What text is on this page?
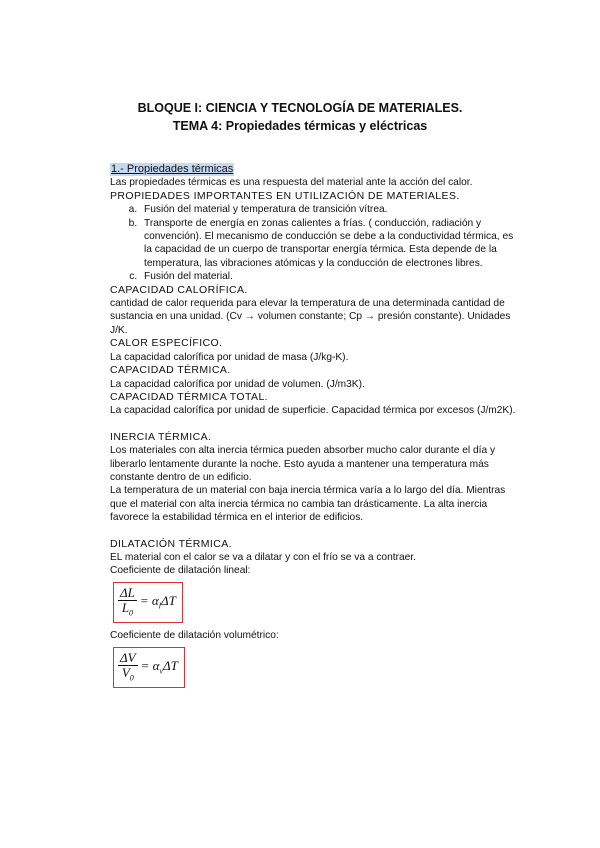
BLOQUE I: CIENCIA Y TECNOLOGÍA DE MATERIALES.
TEMA 4: Propiedades térmicas y eléctricas
1.- Propiedades térmicas

Las propiedades térmicas es una respuesta del material ante la acción del calor.

PROPIEDADES IMPORTANTES EN UTILIZACIÓN DE MATERIALES.

a. Fusión del material y temperatura de transición vítrea.
b. Transporte de energía en zonas calientes a frías. ( conducción, radiación y convención). El mecanismo de conducción se debe a la conductividad térmica, es la capacidad de un cuerpo de transportar energía térmica. Esta depende de la temperatura, las vibraciones atómicas y la conducción de electrones libres.
c. Fusión del material.

CAPACIDAD CALORÍFICA.

cantidad de calor requerida para elevar la temperatura de una determinada cantidad de sustancia en una unidad. (Cv → volumen constante; Cp → presión constante). Unidades J/K.

CALOR ESPECÍFICO.

La capacidad calorífica por unidad de masa (J/kg-K).

CAPACIDAD TÉRMICA.

La capacidad calorífica por unidad de volumen. (J/m3K).

CAPACIDAD TÉRMICA TOTAL.

La capacidad calorífica por unidad de superficie. Capacidad térmica por excesos (J/m2K).

INERCIA TÉRMICA.

Los materiales con alta inercia térmica pueden absorber mucho calor durante el día y liberarlo lentamente durante la noche. Esto ayuda a mantener una temperatura más constante dentro de un edificio.

La temperatura de un material con baja inercia térmica varía a lo largo del día. Mientras que el material con alta inercia térmica no cambia tan drásticamente. La alta inercia favorece la estabilidad térmica en el interior de edificios.

DILATACIÓN TÉRMICA.

EL material con el calor se va a dilatar y con el frío se va a contraer.

Coeficiente de dilatación lineal:

$\frac{\Delta L}{L_0} = \alpha_l\Delta T$

Coeficiente de dilatación volumétrico:

$\frac{\Delta V}{V_0} = \alpha_v\Delta T$
